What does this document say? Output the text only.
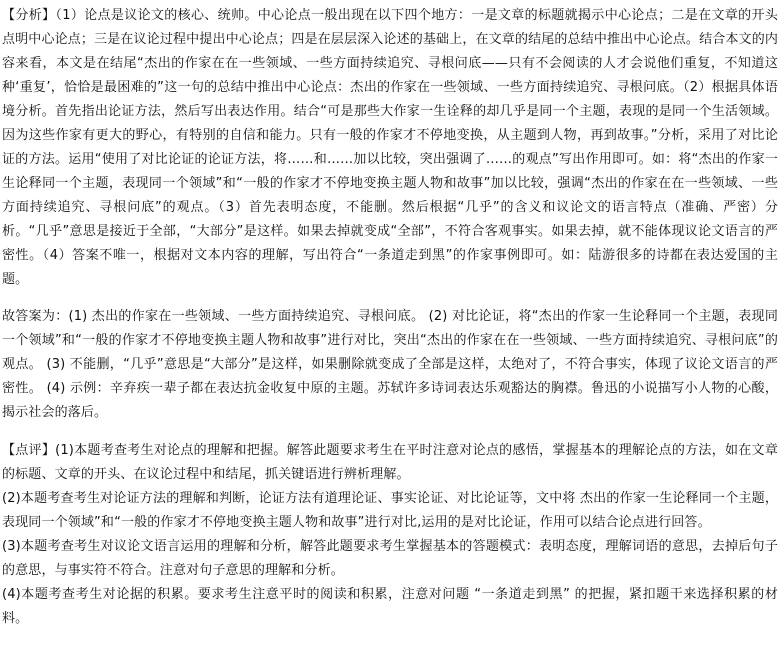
【分析】（1）论点是议论文的核心、统帅。中心论点一般出现在以下四个地方：一是文章的标题就揭示中心论点；二是在文章的开头点明中心论点；三是在议论过程中提出中心论点；四是在层层深入论述的基础上，在文章的结尾的总结中推出中心论点。结合本文的内容来看，本文是在结尾“杰出的作家在在一些领域、一些方面持续追究、寻根问底——只有不会阅读的人才会说他们重复，不知道这种‘重复’，恰恰是最困难的”这一句的总结中推出中心论点：杰出的作家在一些领域、一些方面持续追究、寻根问底。（2）根据具体语境分析。首先指出论证方法，然后写出表达作用。结合“可是那些大作家一生诠释的却几乎是同一个主题，表现的是同一个生活领域。因为这些作家有更大的野心，有特别的自信和能力。只有一般的作家才不停地变换，从主题到人物，再到故事。”分析，采用了对比论证的方法。运用“使用了对比论证的论证方法，将……和……加以比较，突出强调了……的观点”写出作用即可。如：将“杰出的作家一生论释同一个主题，表现同一个领域”和“一般的作家才不停地变换主题人物和故事”加以比较，强调“杰出的作家在在一些领域、一些方面持续追究、寻根问底”的观点。（3）首先表明态度，不能删。然后根据“几乎”的含义和议论文的语言特点（准确、严密）分析。“几乎”意思是接近于全部，“大部分”是这样。如果去掉就变成“全部”，不符合客观事实。如果去掉，就不能体现议论文语言的严密性。（4）答案不唯一，根据对文本内容的理解，写出符合“一条道走到黑”的作家事例即可。如：陆游很多的诗都在表达爱国的主题。

故答案为：(1) 杰出的作家在一些领域、一些方面持续追究、寻根问底。 (2) 对比论证，将“杰出的作家一生论释同一个主题，表现同一个领域”和“一般的作家才不停地变换主题人物和故事”进行对比，突出“杰出的作家在在一些领域、一些方面持续追究、寻根问底”的观点。 (3) 不能删，“几乎”意思是“大部分”是这样，如果删除就变成了全部是这样，太绝对了，不符合事实，体现了议论文语言的严密性。 (4) 示例：辛弃疾一辈子都在表达抗金收复中原的主题。苏轼许多诗词表达乐观豁达的胸襟。鲁迅的小说描写小人物的心酸，揭示社会的落后。

【点评】(1)本题考查考生对论点的理解和把握。解答此题要求考生在平时注意对论点的感悟，掌握基本的理解论点的方法，如在文章的标题、文章的开头、在议论过程中和结尾，抓关键语进行辨析理解。

(2)本题考查考生对论证方法的理解和判断，论证方法有道理论证、事实论证、对比论证等，文中将 杰出的作家一生论释同一个主题，表现同一个领域”和“一般的作家才不停地变换主题人物和故事”进行对比,运用的是对比论证，作用可以结合论点进行回答。

(3)本题考查考生对议论文语言运用的理解和分析，解答此题要求考生掌握基本的答题模式：表明态度，理解词语的意思，去掉后句子的意思，与事实符不符合。注意对句子意思的理解和分析。

(4)本题考查考生对论据的积累。要求考生注意平时的阅读和积累，注意对问题 “一条道走到黑” 的把握，紧扣题干来选择积累的材料。
